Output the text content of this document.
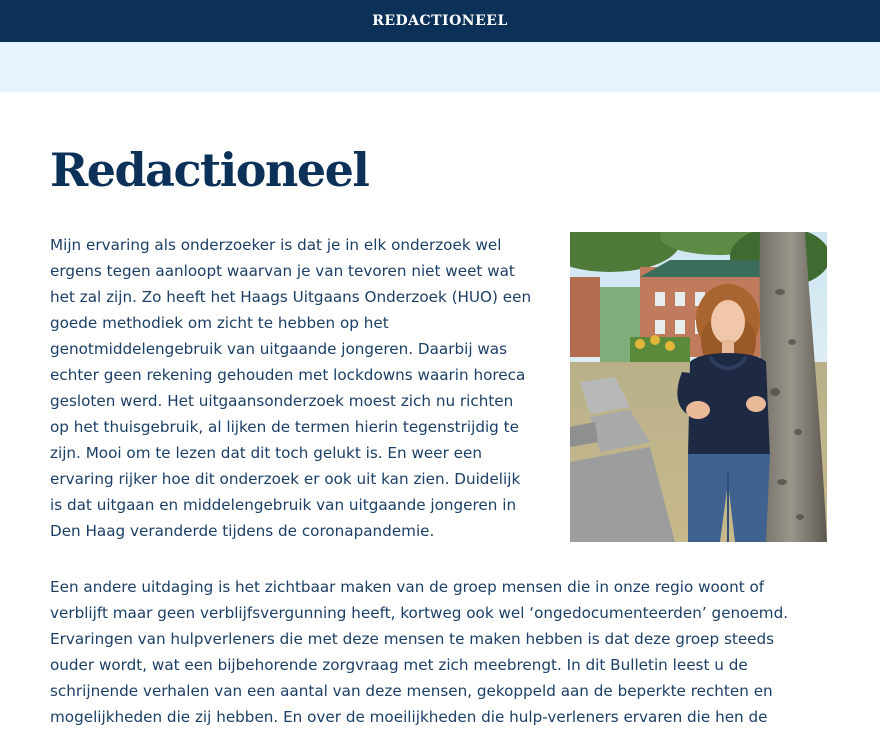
REDACTIONEEL
Redactioneel

Mijn ervaring als onderzoeker is dat je in elk onderzoek wel
ergens tegen aanloopt waarvan je van tevoren niet weet wat
het zal zijn. Zo heeft het Haags Uitgaans Onderzoek (HUO) een
goede methodiek om zicht te hebben op het
genotmiddelengebruik van uitgaande jongeren. Daarbij was
echter geen rekening gehouden met lockdowns waarin horeca
gesloten werd. Het uitgaansonderzoek moest zich nu richten
op het thuisgebruik, al lijken de termen hierin tegenstrijdig te
zijn. Mooi om te lezen dat dit toch gelukt is. En weer een
ervaring rijker hoe dit onderzoek er ook uit kan zien. Duidelijk
is dat uitgaan en middelengebruik van uitgaande jongeren in
Den Haag veranderde tijdens de coronapandemie.

Een andere uitdaging is het zichtbaar maken van de groep mensen die in onze regio woont of
verblijft maar geen verblijfsvergunning heeft, kortweg ook wel ‘ongedocumenteerden’ genoemd.
Ervaringen van hulpverleners die met deze mensen te maken hebben is dat deze groep steeds
ouder wordt, wat een bijbehorende zorgvraag met zich meebrengt. In dit Bulletin leest u de
schrijnende verhalen van een aantal van deze mensen, gekoppeld aan de beperkte rechten en
mogelijkheden die zij hebben. En over de moeilijkheden die hulp-verleners ervaren die hen de
